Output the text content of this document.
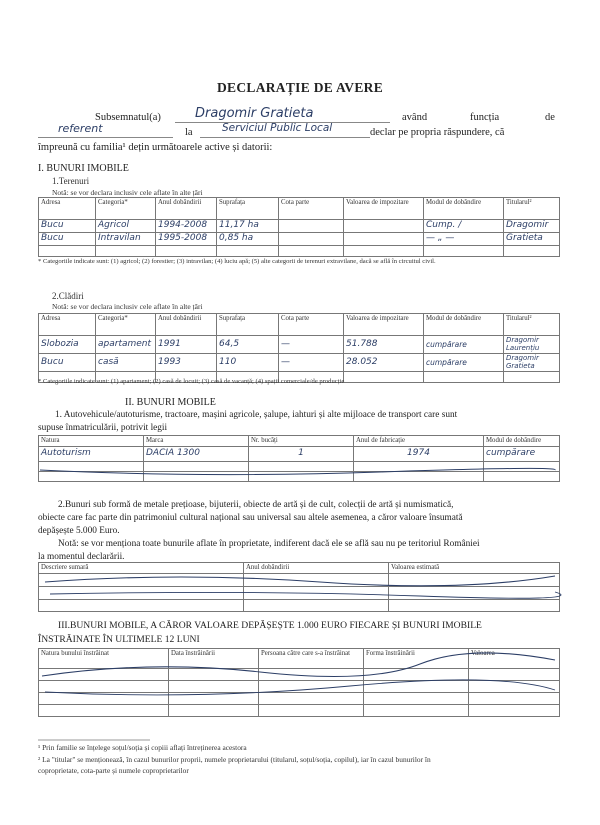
DECLARAȚIE DE AVERE
Subsemnatul(a)	Dragomir Gratieta	având	funcția	de
referent	la	Serviciul Public Local	declar pe propria răspundere, că
împreună cu familia¹ dețin următoarele active și datorii:
I. BUNURI IMOBILE
1.Terenuri
Notă: se vor declara inclusiv cele aflate în alte țări
Adresa	Categoria*	Anul dobândirii	Suprafața	Cota parte	Valoarea de impozitare	Modul de dobândire	Titularul²
Bucu	Agricol	1994-2008	11,17 ha			Cump. /	Dragomir
Bucu	Intravilan	1995-2008	0,85 ha			— „ —	Gratieta

* Categoriile indicate sunt: (1) agricol; (2) forestier; (3) intravilan; (4) luciu apă; (5) alte categorii de terenuri extravilane, dacă se află în circuitul civil.
2.Clădiri
Notă: se vor declara inclusiv cele aflate în alte țări
Adresa	Categoria*	Anul dobândirii	Suprafața	Cota parte	Valoarea de impozitare	Modul de dobândire	Titularul²
Slobozia	apartament	1991	64,5	—	51.788	cumpărare	Dragomir Laurențiu
Bucu	casă	1993	110	—	28.052	cumpărare	Dragomir Gratieta

* Categoriile indicate sunt: (1) apartament; (2) casă de locuit; (3) casă de vacanță; (4) spații comerciale/de producție
II. BUNURI MOBILE
1. Autovehicule/autoturisme, tractoare, mașini agricole, șalupe, iahturi și alte mijloace de transport care sunt
supuse înmatriculării, potrivit legii
Natura	Marca	Nr. bucăți	Anul de fabricație	Modul de dobândire
Autoturism	DACIA 1300	1	1974	cumpărare

2.Bunuri sub formă de metale prețioase, bijuterii, obiecte de artă și de cult, colecții de artă și numismatică,
obiecte care fac parte din patrimoniul cultural național sau universal sau altele asemenea, a căror valoare însumată
depășește 5.000 Euro.
Notă: se vor menționa toate bunurile aflate în proprietate, indiferent dacă ele se află sau nu pe teritoriul României
la momentul declarării.
Descriere sumară	Anul dobândirii	Valoarea estimată

III.BUNURI MOBILE, A CĂROR VALOARE DEPĂȘEȘTE 1.000 EURO FIECARE ȘI BUNURI IMOBILE
ÎNSTRĂINATE ÎN ULTIMELE 12 LUNI
Natura bunului înstrăinat	Data înstrăinării	Persoana către care s-a înstrăinat	Forma înstrăinării	Valoarea

¹ Prin familie se înțelege soțul/soția și copiii aflați întreținerea acestora
² La "titular" se menționează, în cazul bunurilor proprii, numele proprietarului (titularul, soțul/soția, copilul), iar în cazul bunurilor în
coproprietate, cota-parte și numele coproprietarilor
